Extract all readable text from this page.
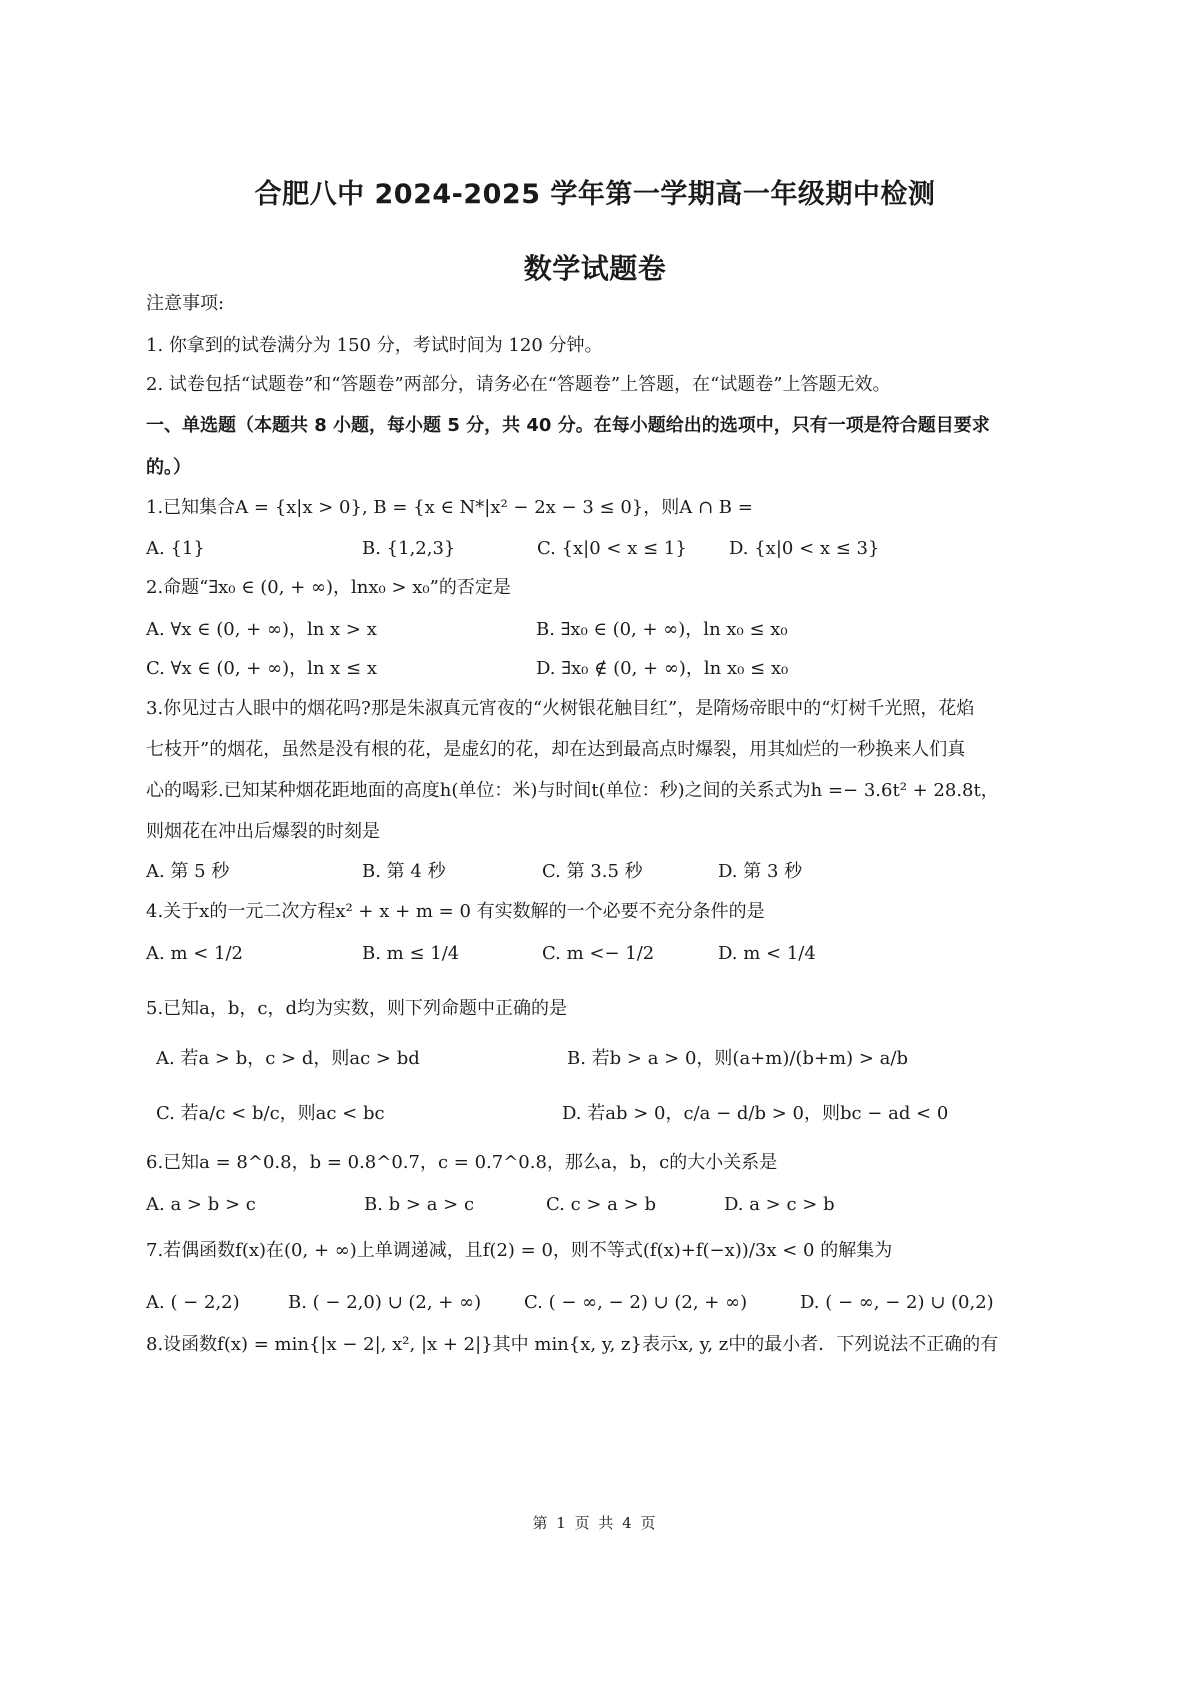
合肥八中 2024-2025 学年第一学期高一年级期中检测
数学试题卷
注意事项:
1. 你拿到的试卷满分为 150 分，考试时间为 120 分钟。
2. 试卷包括“试题卷”和“答题卷”两部分，请务必在“答题卷”上答题，在“试题卷”上答题无效。
一、单选题（本题共 8 小题，每小题 5 分，共 40 分。在每小题给出的选项中，只有一项是符合题目要求
的。）
1.已知集合A = {x|x > 0}, B = {x ∈ N*|x² − 2x − 3 ≤ 0}，则A ∩ B =
A. {1}	B. {1,2,3}	C. {x|0 < x ≤ 1} D. {x|0 < x ≤ 3}
2.命题“∃x₀ ∈ (0, + ∞)，lnx₀ > x₀”的否定是
A. ∀x ∈ (0, + ∞)，ln x > x	B. ∃x₀ ∈ (0, + ∞)，ln x₀ ≤ x₀
C. ∀x ∈ (0, + ∞)，ln x ≤ x	D. ∃x₀ ∉ (0, + ∞)，ln x₀ ≤ x₀
3.你见过古人眼中的烟花吗?那是朱淑真元宵夜的“火树银花触目红”，是隋炀帝眼中的“灯树千光照，花焰
七枝开”的烟花，虽然是没有根的花，是虚幻的花，却在达到最高点时爆裂，用其灿烂的一秒换来人们真
心的喝彩.已知某种烟花距地面的高度h(单位：米)与时间t(单位：秒)之间的关系式为h =− 3.6t² + 28.8t，
则烟花在冲出后爆裂的时刻是
A. 第 5 秒	B. 第 4 秒	C. 第 3.5 秒	D. 第 3 秒
4.关于x的一元二次方程x² + x + m = 0 有实数解的一个必要不充分条件的是
A. m < 1/2	B. m ≤ 1/4	C. m <− 1/2	D. m < 1/4
5.已知a，b，c，d均为实数，则下列命题中正确的是
A. 若a > b，c > d，则ac > bd	B. 若b > a > 0，则(a+m)/(b+m) > a/b
C. 若a/c < b/c，则ac < bc	D. 若ab > 0，c/a − d/b > 0，则bc − ad < 0
6.已知a = 8^0.8，b = 0.8^0.7，c = 0.7^0.8，那么a，b，c的大小关系是
A. a > b > c	B. b > a > c	C. c > a > b	D. a > c > b
7.若偶函数f(x)在(0, + ∞)上单调递减，且f(2) = 0，则不等式(f(x)+f(−x))/3x < 0 的解集为
A. ( − 2,2)	B. ( − 2,0) ∪ (2, + ∞) C. ( − ∞, − 2) ∪ (2, + ∞)	D. ( − ∞, − 2) ∪ (0,2)
8.设函数f(x) = min{|x − 2|, x², |x + 2|}其中 min{x, y, z}表示x, y, z中的最小者．下列说法不正确的有
第 1 页 共 4 页
